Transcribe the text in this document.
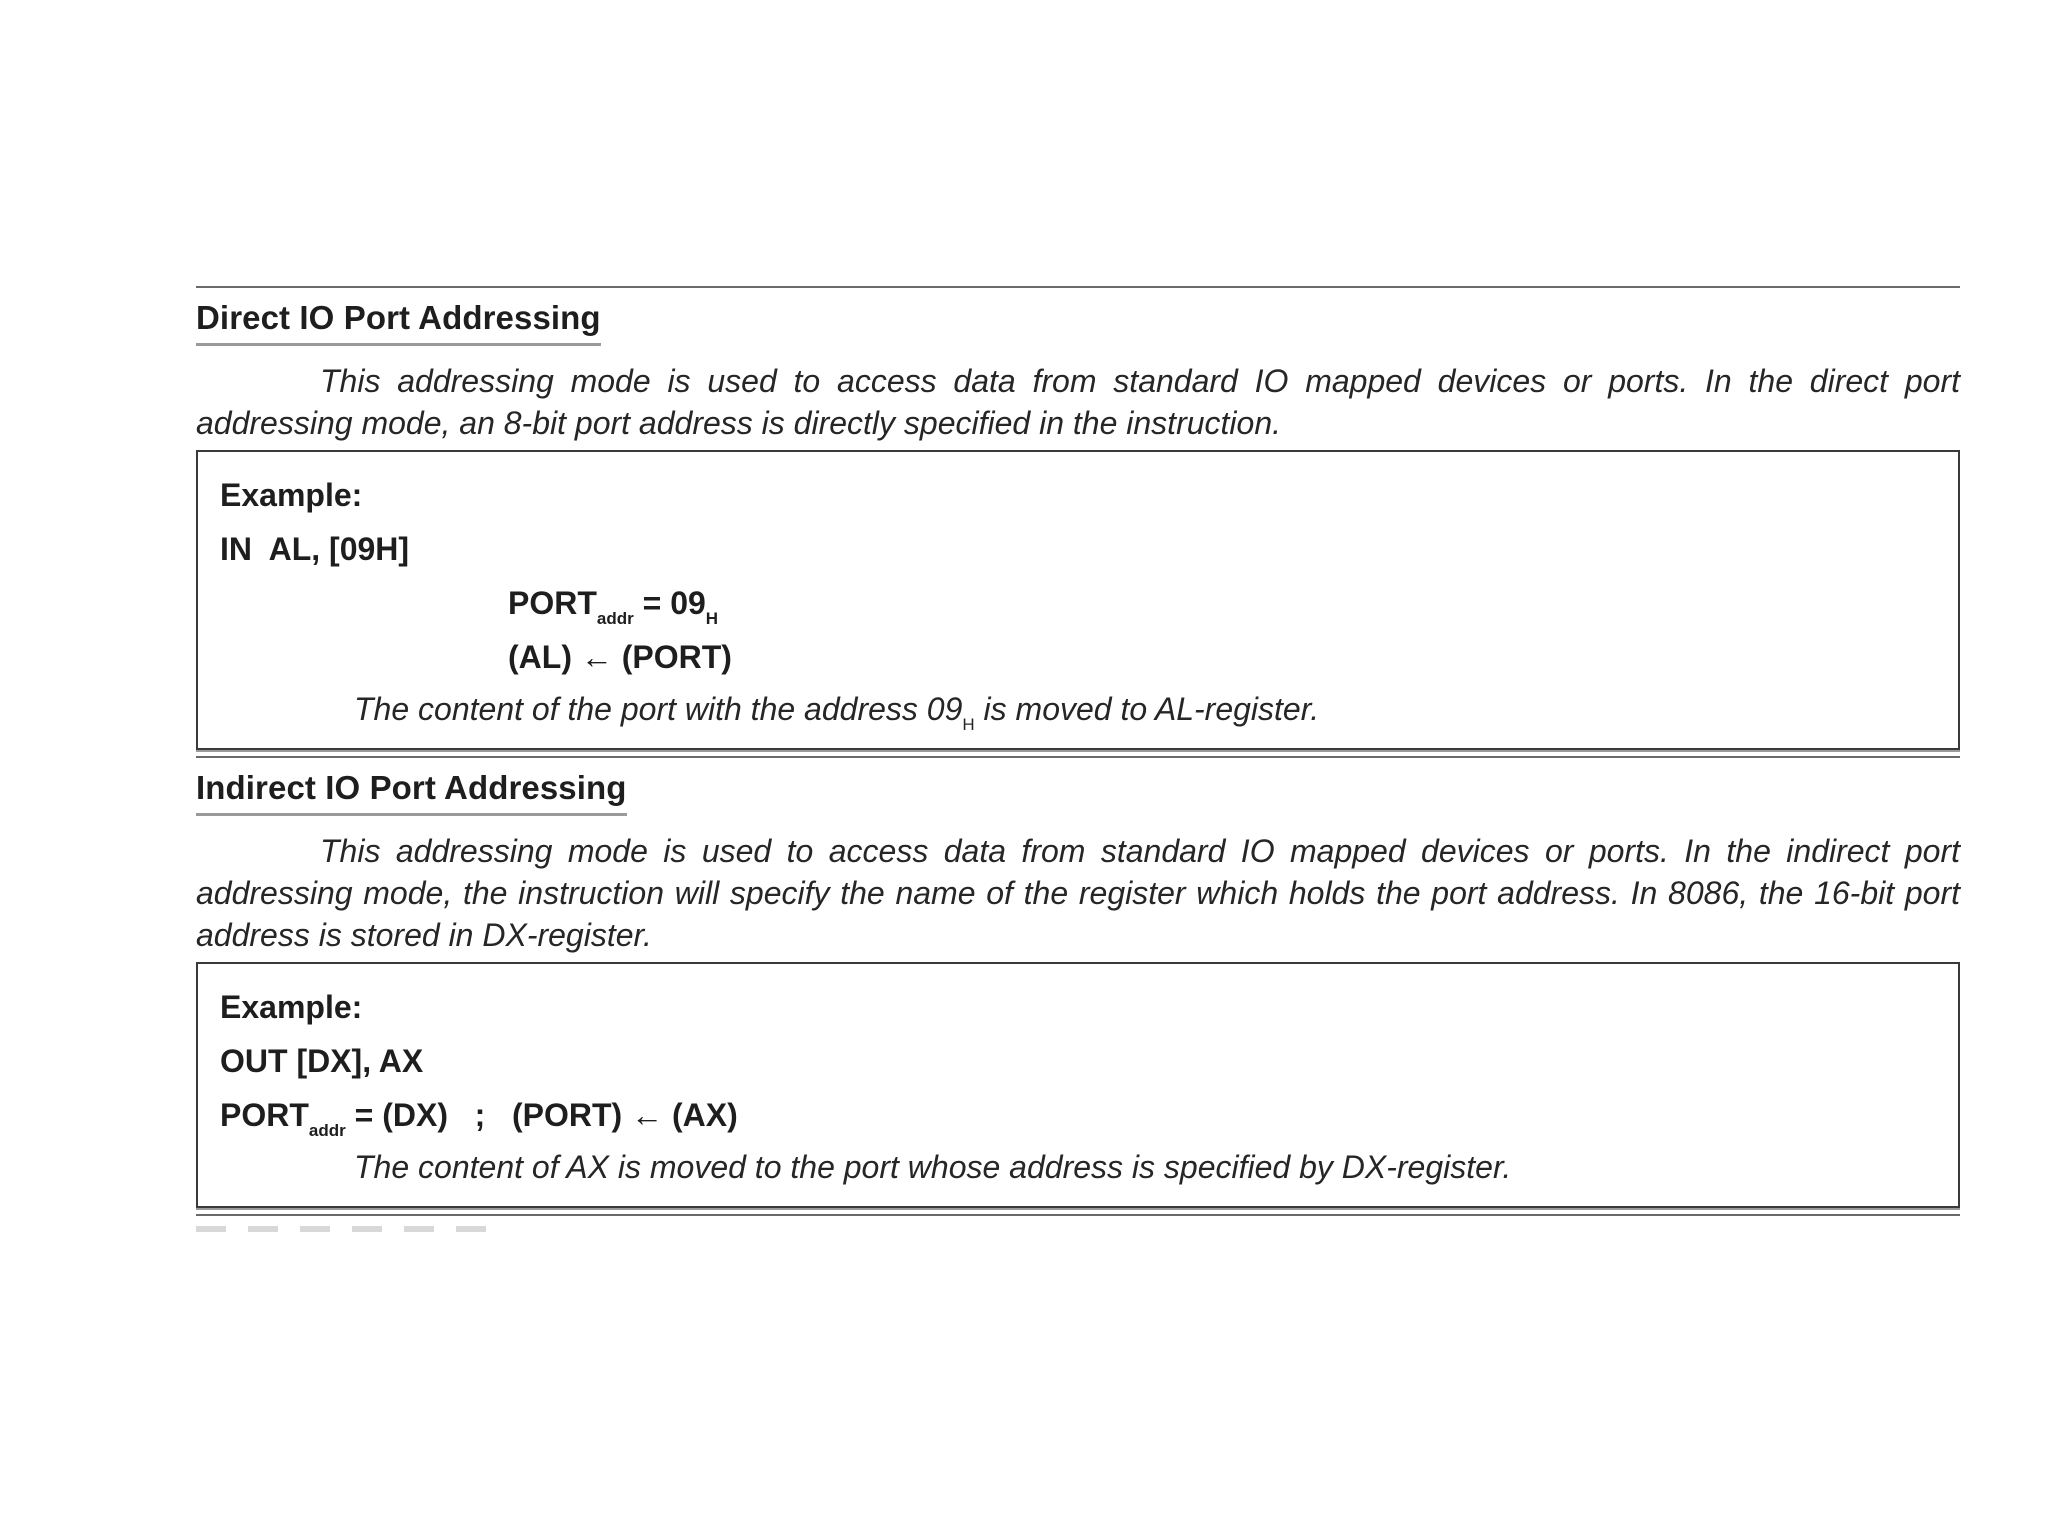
Direct IO Port Addressing

This addressing mode is used to access data from standard IO mapped devices or ports. In the direct port addressing mode, an 8-bit port address is directly specified in the instruction.

Example:

IN  AL, [09H]

$PORT_{addr} = 09_H$

(AL) ← (PORT)

The content of the port with the address $09_H$ is moved to AL-register.

Indirect IO Port Addressing

This addressing mode is used to access data from standard IO mapped devices or ports. In the indirect port addressing mode, the instruction will specify the name of the register which holds the port address. In 8086, the 16-bit port address is stored in DX-register.

Example:

OUT [DX], AX

$PORT_{addr} = (DX)$   ;   (PORT) ← (AX)

The content of AX is moved to the port whose address is specified by DX-register.
